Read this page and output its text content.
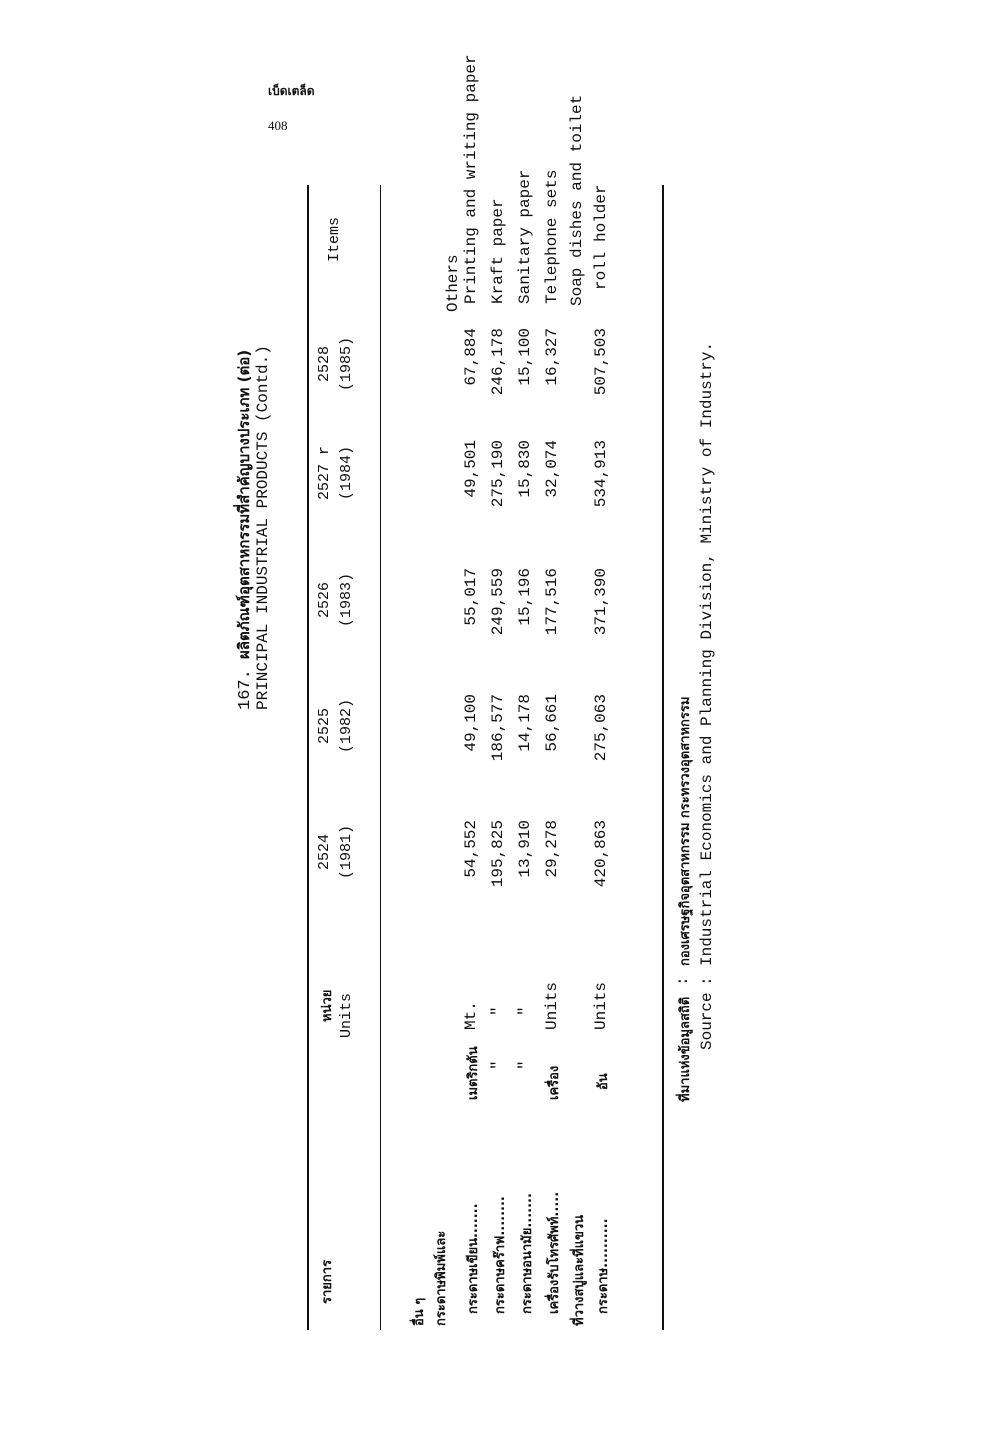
เบ็ดเตล็ด
408
167. ผลิตภัณฑ์อุตสาหกรรมที่สำคัญบางประเภท (ต่อ) PRINCIPAL INDUSTRIAL PRODUCTS (Contd.)
รายการ
หน่วย Units
2524 (1981)
2525 (1982)
2526 (1983)
2527 r (1984)
2528 (1985)
Items
อื่น ๆ กระดาษพิมพ์และ
Others
กระดาษเขียน.......
เมตริกตัน
Mt.
54,552
49,100
55,017
49,501
67,884
Printing and writing paper
กระดาษคร๊าฟ........
"
"
195,825
186,577
249,559
275,190
246,178
Kraft paper
กระดาษอนามัย.......
"
"
13,910
14,178
15,196
15,830
15,100
Sanitary paper
เครื่องรับโทรศัพท์.....
เครื่อง
Units
29,278
56,661
177,516
32,074
16,327
Telephone sets
ที่วางสบู่และที่แขวน กระดาษ..........
อัน
Units
420,863
275,063
371,390
534,913
507,503
Soap dishes and toilet roll holder
ที่มาแห่งข้อมูลสถิติ
:
กองเศรษฐกิจอุตสาหกรรม กระทรวงอุตสาหกรรม
Source
:
Industrial Economics and Planning Division, Ministry of Industry.
